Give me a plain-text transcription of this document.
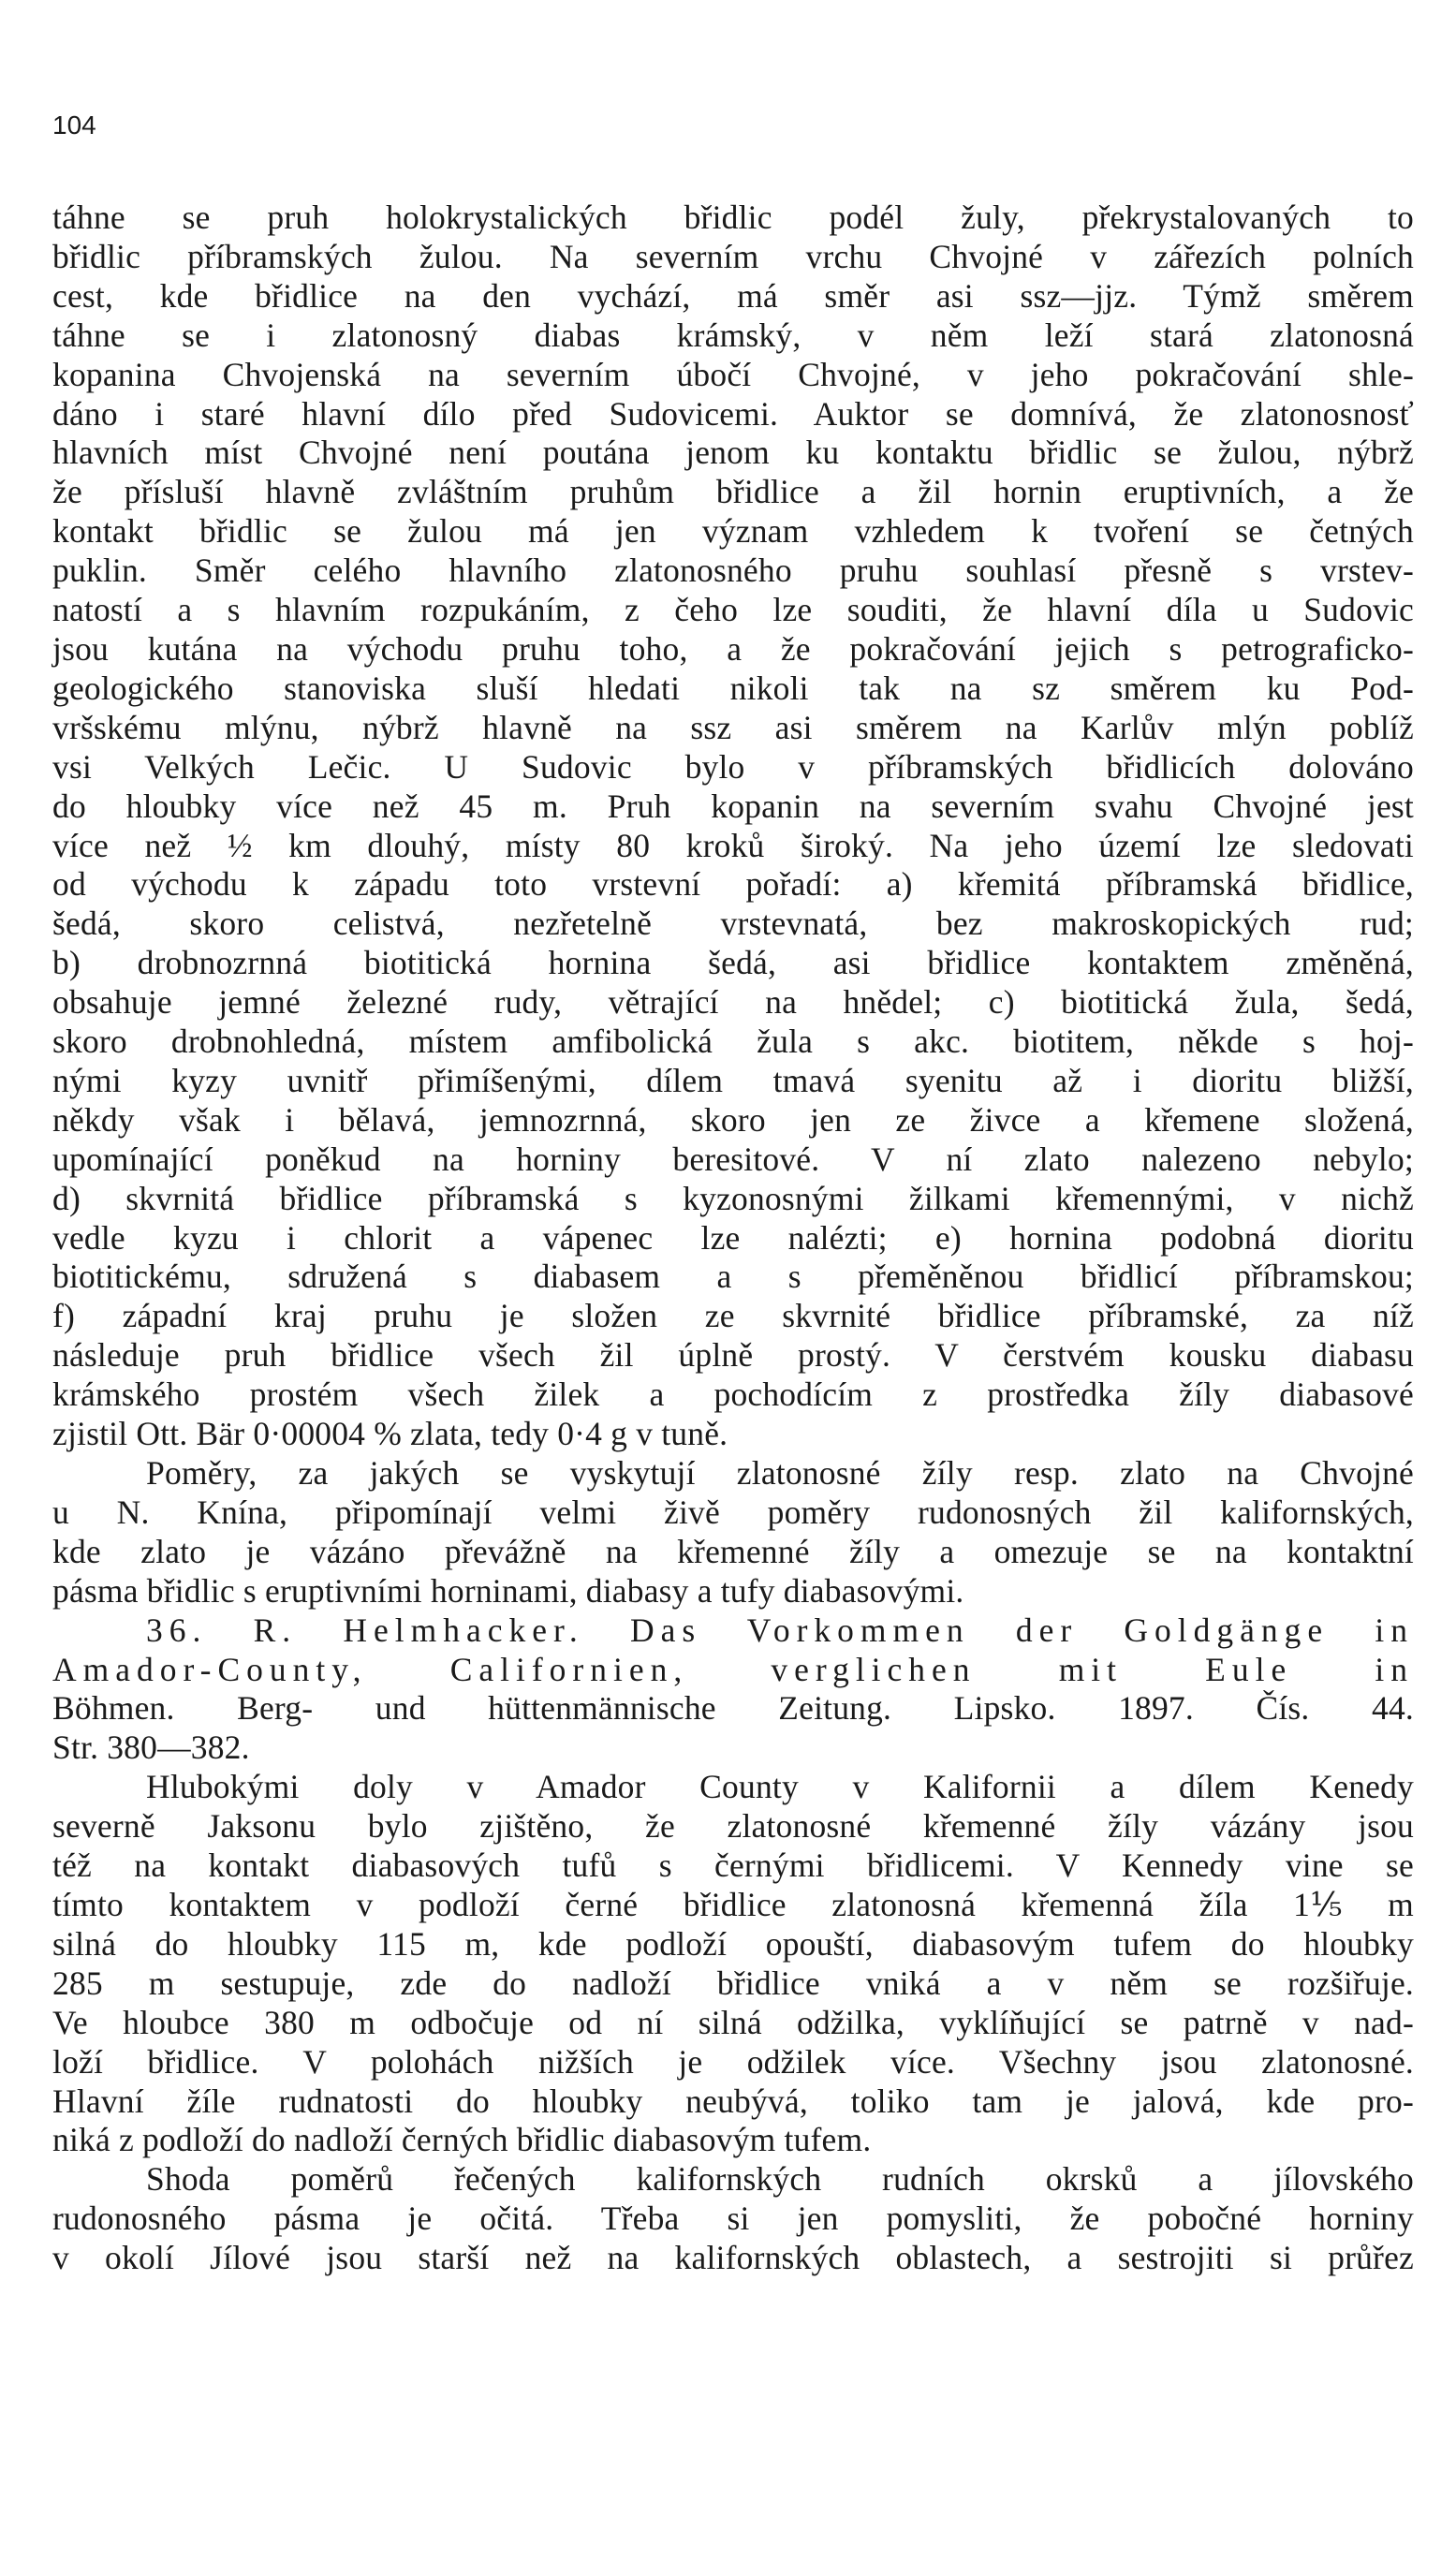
104
táhne se pruh holokrystalických břidlic podél žuly, překrystalovaných to
břidlic příbramských žulou. Na severním vrchu Chvojné v zářezích polních
cest, kde břidlice na den vychází, má směr asi ssz—jjz. Týmž směrem
táhne se i zlatonosný diabas krámský, v něm leží stará zlatonosná
kopanina Chvojenská na severním úbočí Chvojné, v jeho pokračování shle-
dáno i staré hlavní dílo před Sudovicemi. Auktor se domnívá, že zlatonosnosť
hlavních míst Chvojné není poutána jenom ku kontaktu břidlic se žulou, nýbrž
že přísluší hlavně zvláštním pruhům břidlice a žil hornin eruptivních, a že
kontakt břidlic se žulou má jen význam vzhledem k tvoření se četných
puklin. Směr celého hlavního zlatonosného pruhu souhlasí přesně s vrstev-
natostí a s hlavním rozpukáním, z čeho lze souditi, že hlavní díla u Sudovic
jsou kutána na východu pruhu toho, a že pokračování jejich s petrograficko-
geologického stanoviska sluší hledati nikoli tak na sz směrem ku Pod-
vršskému mlýnu, nýbrž hlavně na ssz asi směrem na Karlův mlýn poblíž
vsi Velkých Lečic. U Sudovic bylo v příbramských břidlicích dolováno
do hloubky více než 45 m. Pruh kopanin na severním svahu Chvojné jest
více než ½ km dlouhý, místy 80 kroků široký. Na jeho území lze sledovati
od východu k západu toto vrstevní pořadí: a) křemitá příbramská břidlice,
šedá, skoro celistvá, nezřetelně vrstevnatá, bez makroskopických rud;
b) drobnozrnná biotitická hornina šedá, asi břidlice kontaktem změněná,
obsahuje jemné železné rudy, větrající na hnědel; c) biotitická žula, šedá,
skoro drobnohledná, místem amfibolická žula s akc. biotitem, někde s hoj-
nými kyzy uvnitř přimíšenými, dílem tmavá syenitu až i dioritu bližší,
někdy však i bělavá, jemnozrnná, skoro jen ze živce a křemene složená,
upomínající poněkud na horniny beresitové. V ní zlato nalezeno nebylo;
d) skvrnitá břidlice příbramská s kyzonosnými žilkami křemennými, v nichž
vedle kyzu i chlorit a vápenec lze nalézti; e) hornina podobná dioritu
biotitickému, sdružená s diabasem a s přeměněnou břidlicí příbramskou;
f) západní kraj pruhu je složen ze skvrnité břidlice příbramské, za níž
následuje pruh břidlice všech žil úplně prostý. V čerstvém kousku diabasu
krámského prostém všech žilek a pochodícím z prostředka žíly diabasové
zjistil Ott. Bär 0·00004 % zlata, tedy 0·4 g v tuně.
Poměry, za jakých se vyskytují zlatonosné žíly resp. zlato na Chvojné
u N. Knína, připomínají velmi živě poměry rudonosných žil kalifornských,
kde zlato je vázáno převážně na křemenné žíly a omezuje se na kontaktní
pásma břidlic s eruptivními horninami, diabasy a tufy diabasovými.
36. R. Helmhacker. Das Vorkommen der Goldgänge in
Amador-County, Californien, verglichen mit Eule in
Böhmen. Berg- und hüttenmännische Zeitung. Lipsko. 1897. Čís. 44.
Str. 380—382.
Hlubokými doly v Amador County v Kalifornii a dílem Kenedy
severně Jaksonu bylo zjištěno, že zlatonosné křemenné žíly vázány jsou
též na kontakt diabasových tufů s černými břidlicemi. V Kennedy vine se
tímto kontaktem v podloží černé břidlice zlatonosná křemenná žíla 1⅕ m
silná do hloubky 115 m, kde podloží opouští, diabasovým tufem do hloubky
285 m sestupuje, zde do nadloží břidlice vniká a v něm se rozšiřuje.
Ve hloubce 380 m odbočuje od ní silná odžilka, vyklíňující se patrně v nad-
loží břidlice. V polohách nižších je odžilek více. Všechny jsou zlatonosné.
Hlavní žíle rudnatosti do hloubky neubývá, toliko tam je jalová, kde pro-
niká z podloží do nadloží černých břidlic diabasovým tufem.
Shoda poměrů řečených kalifornských rudních okrsků a jílovského
rudonosného pásma je očitá. Třeba si jen pomysliti, že pobočné horniny
v okolí Jílové jsou starší než na kalifornských oblastech, a sestrojiti si průřez
